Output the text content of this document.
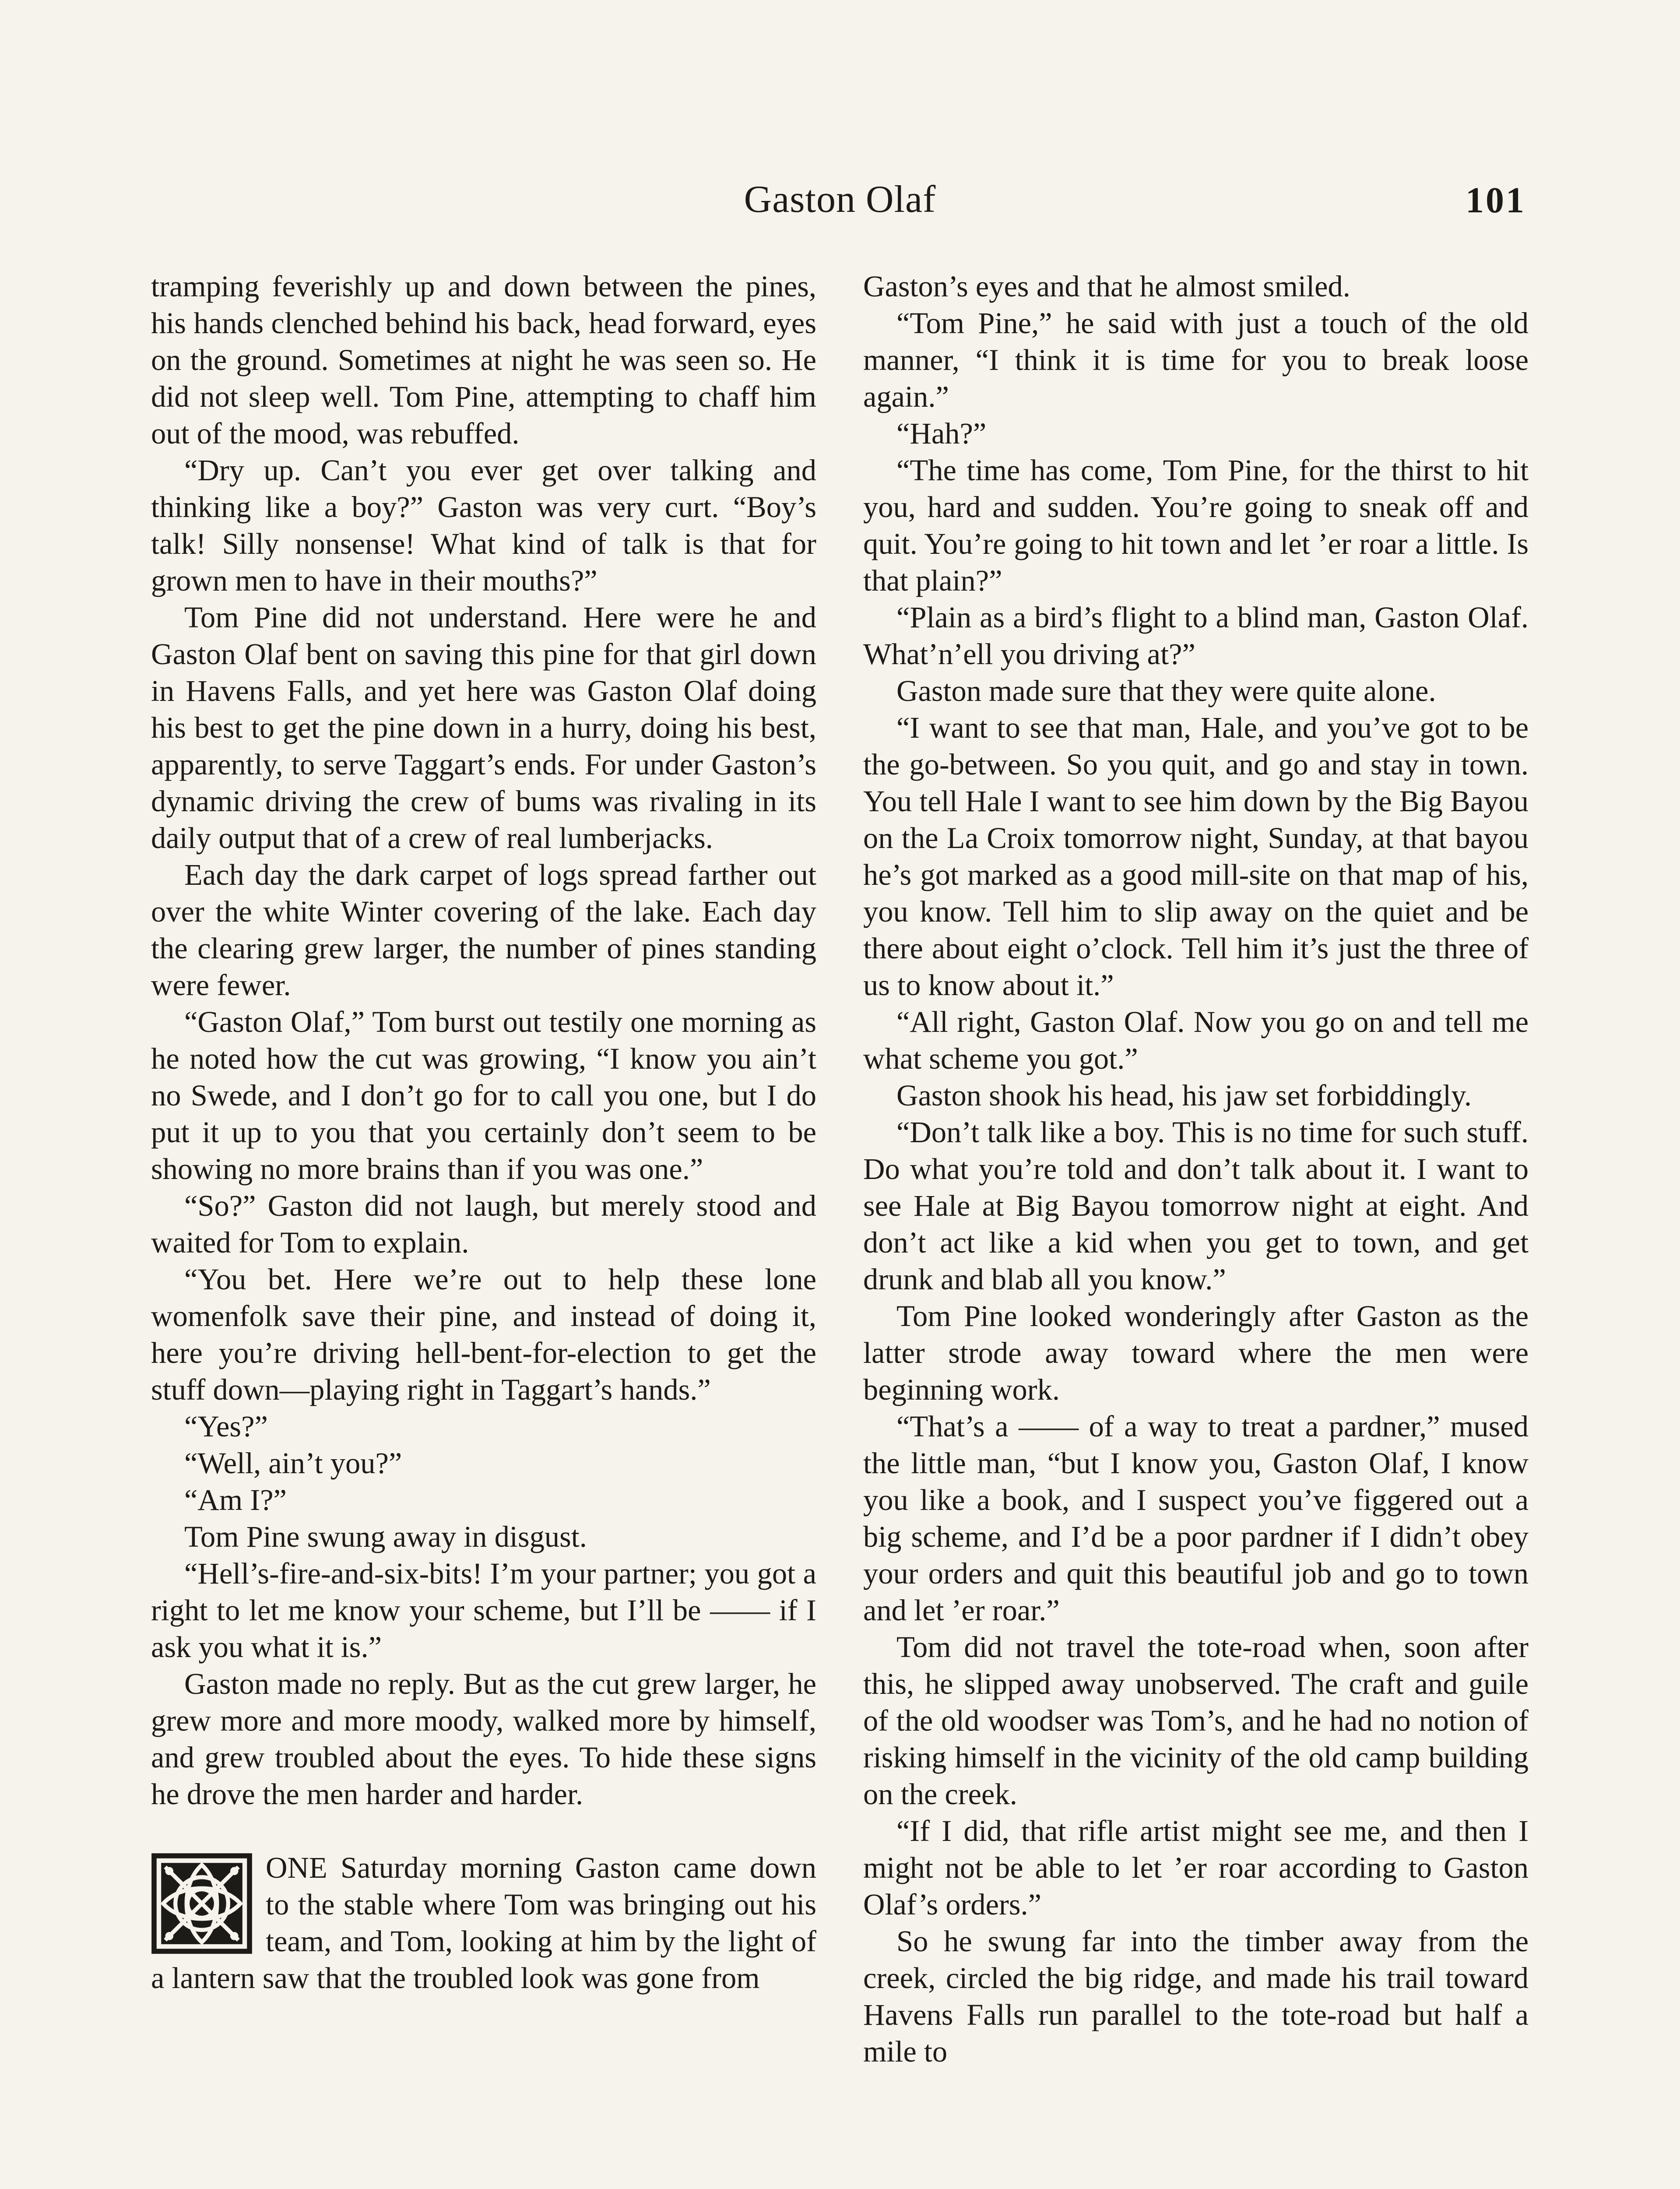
Gaston Olaf	101

tramping feverishly up and down between the pines, his hands clenched behind his back, head forward, eyes on the ground. Sometimes at night he was seen so. He did not sleep well. Tom Pine, attempting to chaff him out of the mood, was rebuffed.

“Dry up. Can’t you ever get over talking and thinking like a boy?” Gaston was very curt. “Boy’s talk! Silly nonsense! What kind of talk is that for grown men to have in their mouths?”

Tom Pine did not understand. Here were he and Gaston Olaf bent on saving this pine for that girl down in Havens Falls, and yet here was Gaston Olaf doing his best to get the pine down in a hurry, doing his best, apparently, to serve Taggart’s ends. For under Gaston’s dynamic driving the crew of bums was rivaling in its daily output that of a crew of real lumberjacks.

Each day the dark carpet of logs spread farther out over the white Winter covering of the lake. Each day the clearing grew larger, the number of pines standing were fewer.

“Gaston Olaf,” Tom burst out testily one morning as he noted how the cut was growing, “I know you ain’t no Swede, and I don’t go for to call you one, but I do put it up to you that you certainly don’t seem to be showing no more brains than if you was one.”

“So?” Gaston did not laugh, but merely stood and waited for Tom to explain.

“You bet. Here we’re out to help these lone womenfolk save their pine, and instead of doing it, here you’re driving hell-bent-for-election to get the stuff down—playing right in Taggart’s hands.”

“Yes?”

“Well, ain’t you?”

“Am I?”

Tom Pine swung away in disgust.

“Hell’s-fire-and-six-bits! I’m your partner; you got a right to let me know your scheme, but I’ll be —— if I ask you what it is.”

Gaston made no reply. But as the cut grew larger, he grew more and more moody, walked more by himself, and grew troubled about the eyes. To hide these signs he drove the men harder and harder.

ONE Saturday morning Gaston came down to the stable where Tom was bringing out his team, and Tom, looking at him by the light of a lantern saw that the troubled look was gone from

Gaston’s eyes and that he almost smiled.

“Tom Pine,” he said with just a touch of the old manner, “I think it is time for you to break loose again.”

“Hah?”

“The time has come, Tom Pine, for the thirst to hit you, hard and sudden. You’re going to sneak off and quit. You’re going to hit town and let ’er roar a little. Is that plain?”

“Plain as a bird’s flight to a blind man, Gaston Olaf. What’n’ell you driving at?”

Gaston made sure that they were quite alone.

“I want to see that man, Hale, and you’ve got to be the go-between. So you quit, and go and stay in town. You tell Hale I want to see him down by the Big Bayou on the La Croix tomorrow night, Sunday, at that bayou he’s got marked as a good mill-site on that map of his, you know. Tell him to slip away on the quiet and be there about eight o’clock. Tell him it’s just the three of us to know about it.”

“All right, Gaston Olaf. Now you go on and tell me what scheme you got.”

Gaston shook his head, his jaw set forbiddingly.

“Don’t talk like a boy. This is no time for such stuff. Do what you’re told and don’t talk about it. I want to see Hale at Big Bayou tomorrow night at eight. And don’t act like a kid when you get to town, and get drunk and blab all you know.”

Tom Pine looked wonderingly after Gaston as the latter strode away toward where the men were beginning work.

“That’s a —— of a way to treat a pardner,” mused the little man, “but I know you, Gaston Olaf, I know you like a book, and I suspect you’ve figgered out a big scheme, and I’d be a poor pardner if I didn’t obey your orders and quit this beautiful job and go to town and let ’er roar.”

Tom did not travel the tote-road when, soon after this, he slipped away unobserved. The craft and guile of the old woodser was Tom’s, and he had no notion of risking himself in the vicinity of the old camp building on the creek.

“If I did, that rifle artist might see me, and then I might not be able to let ’er roar according to Gaston Olaf’s orders.”

So he swung far into the timber away from the creek, circled the big ridge, and made his trail toward Havens Falls run parallel to the tote-road but half a mile to
